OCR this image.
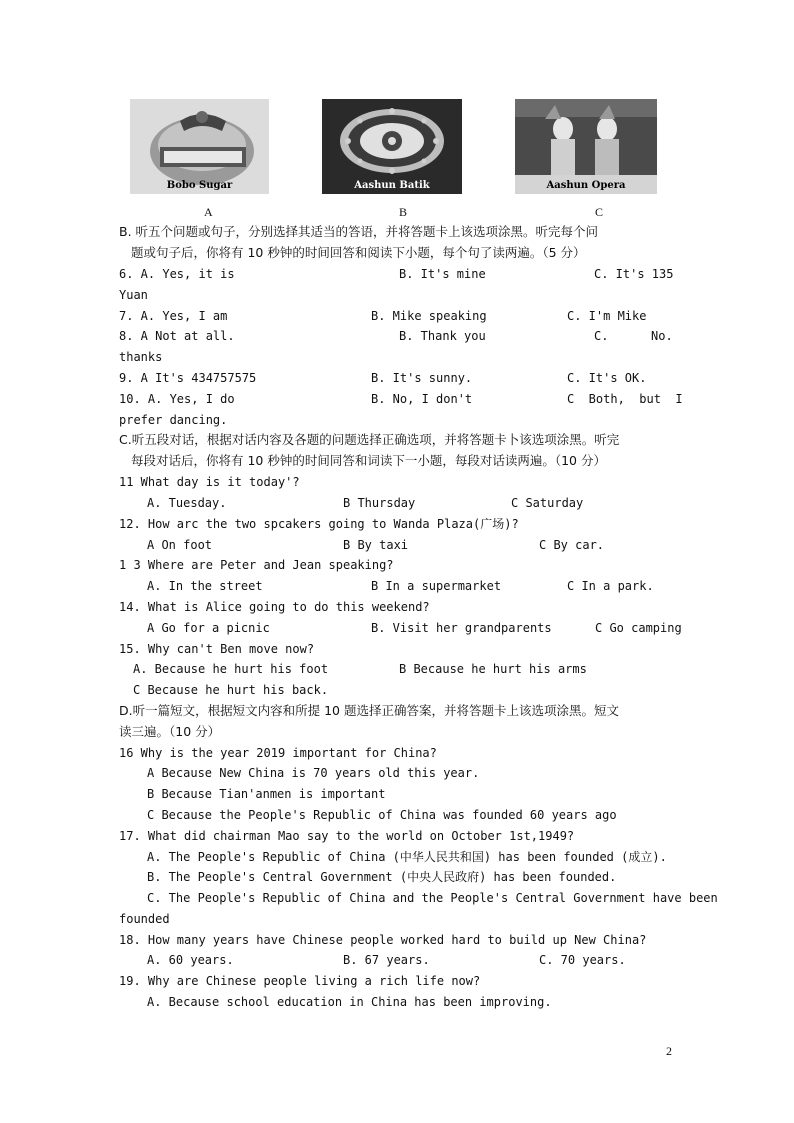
Bobo Sugar	Aashun Batik	Aashun Opera
A	B	C
B. 听五个问题或句子，分别选择其适当的答语，并将答题卡上该选项涂黑。听完每个问
题或句子后，你将有 10 秒钟的时间回答和阅读下小题，每个句了读两遍。（5 分）
6. A. Yes, it is	B. It's mine	C. It's 135
Yuan
7. A. Yes, I am	B. Mike speaking	C. I'm Mike
8. A Not at all.	B. Thank you	C.	No.
thanks
9. A It's 434757575	B. It's sunny.	C. It's OK.
10. A. Yes, I do	B. No, I don't	C  Both,  but  I
prefer dancing.
C.听五段对话，根据对话内容及各题的问题选择正确选项，并将答题卡卜该选项涂黑。听完
每段对话后，你将有 10 秒钟的时间同答和词读下一小题，每段对话读两遍。（10 分）
11 What day is it today'?
A. Tuesday.	B Thursday	C Saturday
12. How arc the two spcakers going to Wanda Plaza(广场)?
A On foot	B By taxi	C By car.
1 3 Where are Peter and Jean speaking?
A. In the street	B In a supermarket	C In a park.
14. What is Alice going to do this weekend?
A Go for a picnic	B. Visit her grandparents	C Go camping
15. Why can't Ben move now?
A. Because he hurt his foot	B Because he hurt his arms
C Because he hurt his back.
D.听一篇短文，根据短文内容和所提 10 题选择正确答案，并将答题卡上该选项涂黑。短文
读三遍。（10 分）
16 Why is the year 2019 important for China?
A Because New China is 70 years old this year.
B Because Tian'anmen is important
C Because the People's Republic of China was founded 60 years ago
17. What did chairman Mao say to the world on October 1st,1949?
A. The People's Republic of China (中华人民共和国) has been founded (成立).
B. The People's Central Government (中央人民政府) has been founded.
C. The People's Republic of China and the People's Central Government have been
founded
18. How many years have Chinese people worked hard to build up New China?
A. 60 years.	B. 67 years.	C. 70 years.
19. Why are Chinese people living a rich life now?
A. Because school education in China has been improving.
2
